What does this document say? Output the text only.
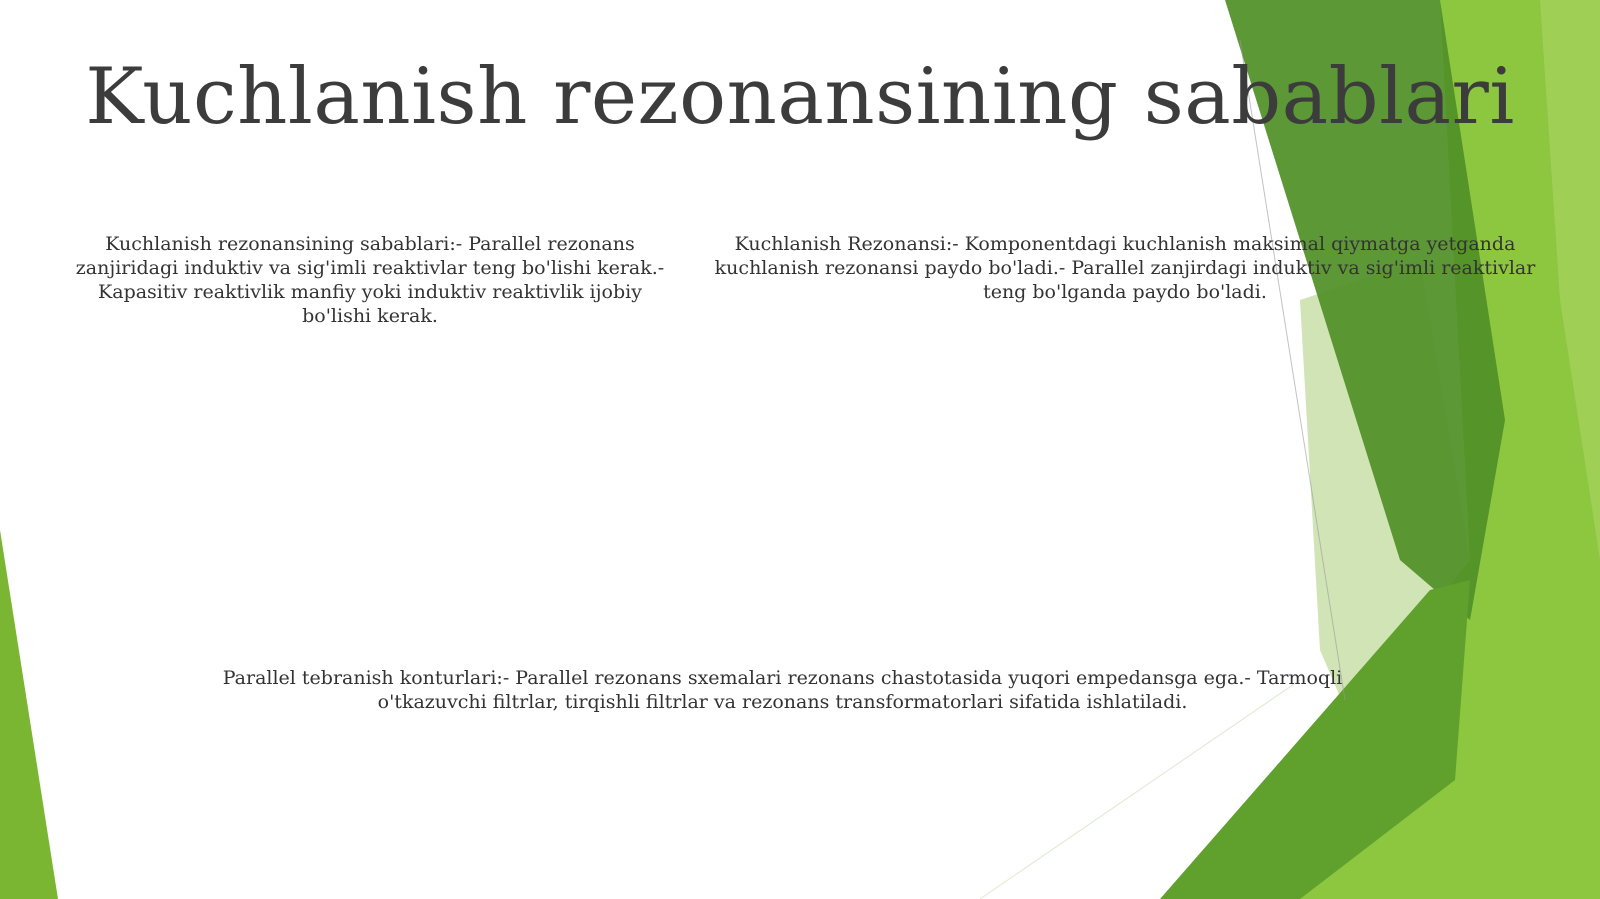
Kuchlanish rezonansining sabablari
Kuchlanish rezonansining sabablari:- Parallel rezonans zanjiridagi induktiv va sig'imli reaktivlar teng bo'lishi kerak.- Kapasitiv reaktivlik manfiy yoki induktiv reaktivlik ijobiy bo'lishi kerak.
Kuchlanish Rezonansi:- Komponentdagi kuchlanish maksimal qiymatga yetganda kuchlanish rezonansi paydo bo'ladi.- Parallel zanjirdagi induktiv va sig'imli reaktivlar teng bo'lganda paydo bo'ladi.
Parallel tebranish konturlari:- Parallel rezonans sxemalari rezonans chastotasida yuqori empedansga ega.- Tarmoqli o'tkazuvchi filtrlar, tirqishli filtrlar va rezonans transformatorlari sifatida ishlatiladi.
